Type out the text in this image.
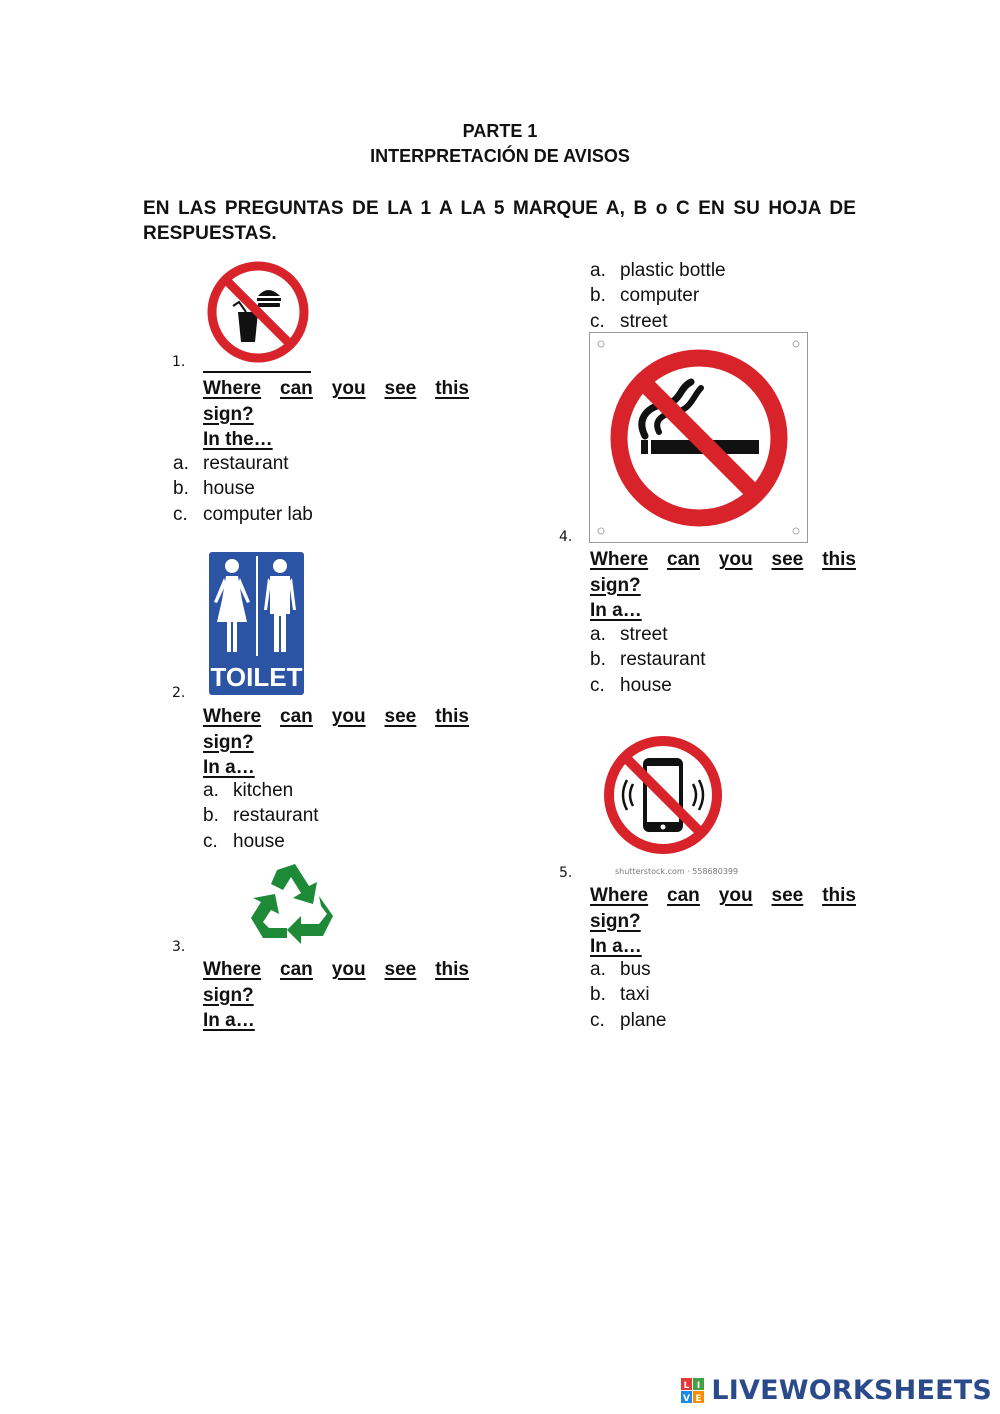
PARTE 1
INTERPRETACIÓN DE AVISOS
EN LAS PREGUNTAS DE LA 1 A LA 5 MARQUE A, B o C EN SU HOJA DE RESPUESTAS.
1.
Where can you see this
sign?
In the…
a. restaurant
b. house
c. computer lab
TOILET
2.
Where can you see this
sign?
In a…
a. kitchen
b. restaurant
c. house
3.
Where can you see this
sign?
In a…
a. plastic bottle
b. computer
c. street
4.
Where can you see this
sign?
In a…
a. street
b. restaurant
c. house
shutterstock.com · 558680399
5.
Where can you see this
sign?
In a…
a. bus
b. taxi
c. plane
L I
V E LIVEWORKSHEETS
